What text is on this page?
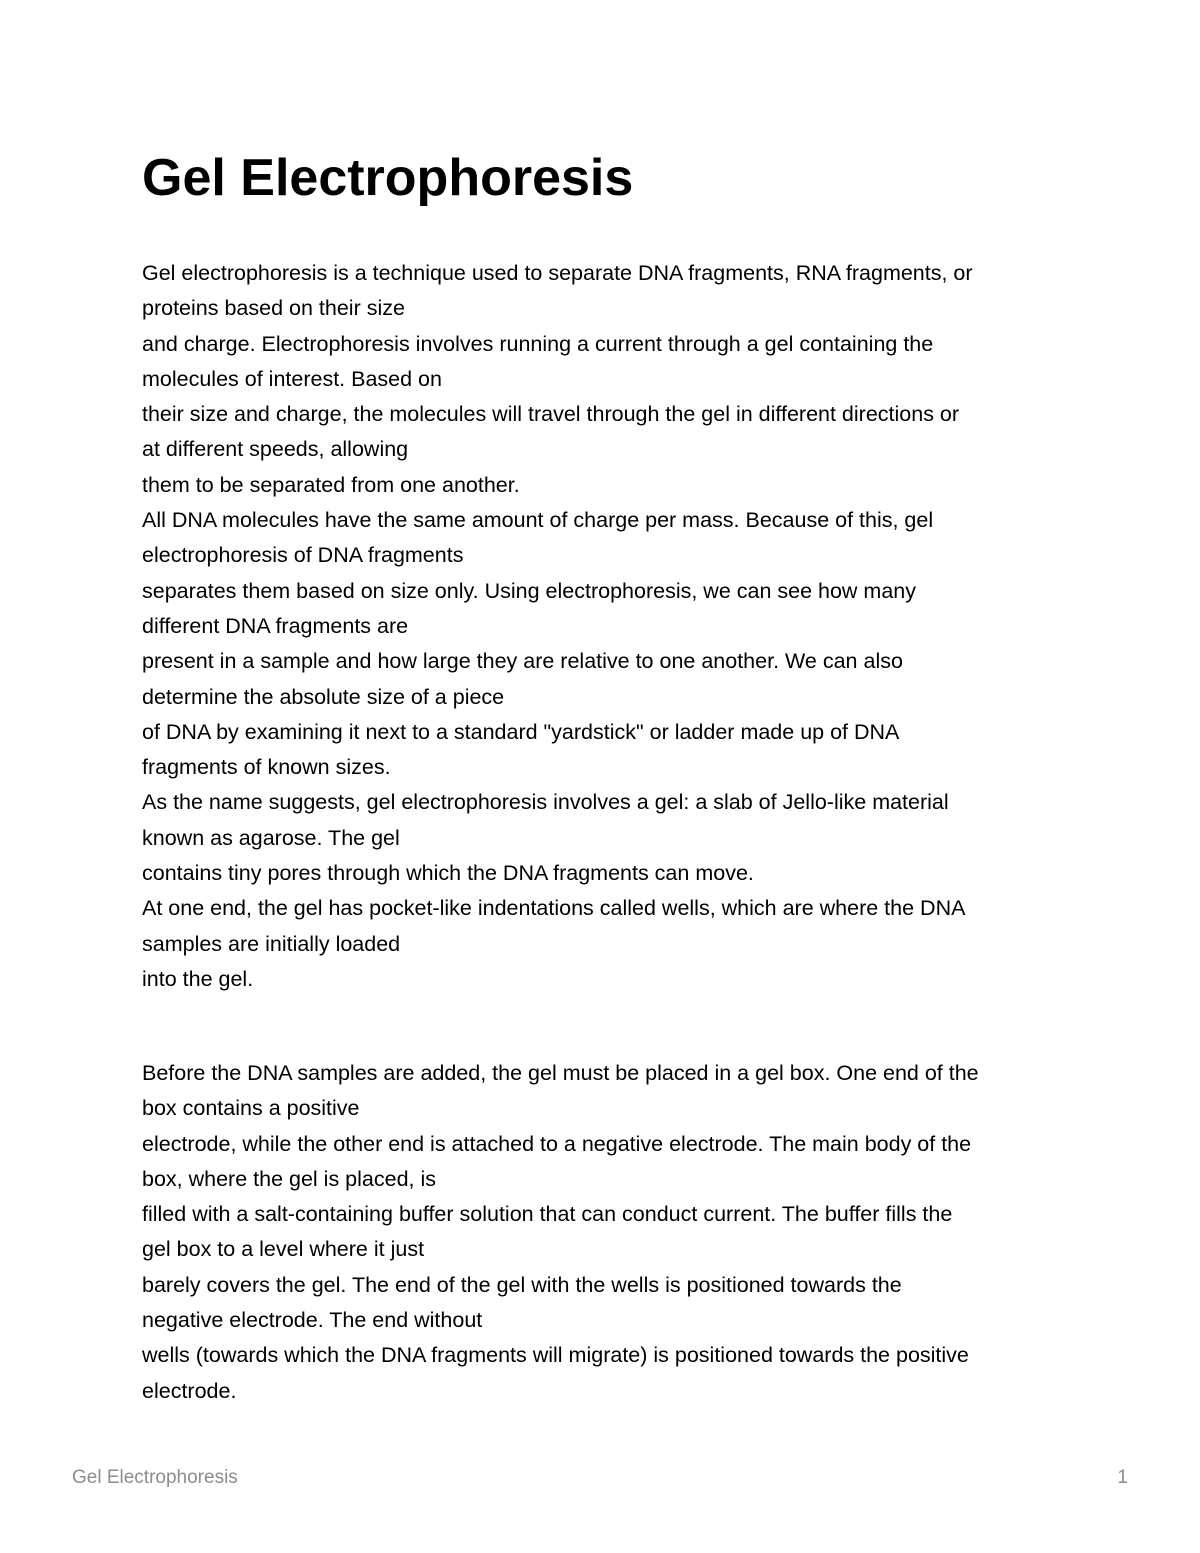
Gel Electrophoresis
Gel electrophoresis is a technique used to separate DNA fragments, RNA fragments, or
proteins based on their size
and charge. Electrophoresis involves running a current through a gel containing the
molecules of interest. Based on
their size and charge, the molecules will travel through the gel in different directions or
at different speeds, allowing
them to be separated from one another.
All DNA molecules have the same amount of charge per mass. Because of this, gel
electrophoresis of DNA fragments
separates them based on size only. Using electrophoresis, we can see how many
different DNA fragments are
present in a sample and how large they are relative to one another. We can also
determine the absolute size of a piece
of DNA by examining it next to a standard "yardstick" or ladder made up of DNA
fragments of known sizes.
As the name suggests, gel electrophoresis involves a gel: a slab of Jello-like material
known as agarose. The gel
contains tiny pores through which the DNA fragments can move.
At one end, the gel has pocket-like indentations called wells, which are where the DNA
samples are initially loaded
into the gel.
Before the DNA samples are added, the gel must be placed in a gel box. One end of the
box contains a positive
electrode, while the other end is attached to a negative electrode. The main body of the
box, where the gel is placed, is
filled with a salt-containing buffer solution that can conduct current. The buffer fills the
gel box to a level where it just
barely covers the gel. The end of the gel with the wells is positioned towards the
negative electrode. The end without
wells (towards which the DNA fragments will migrate) is positioned towards the positive
electrode.
Gel Electrophoresis	1
